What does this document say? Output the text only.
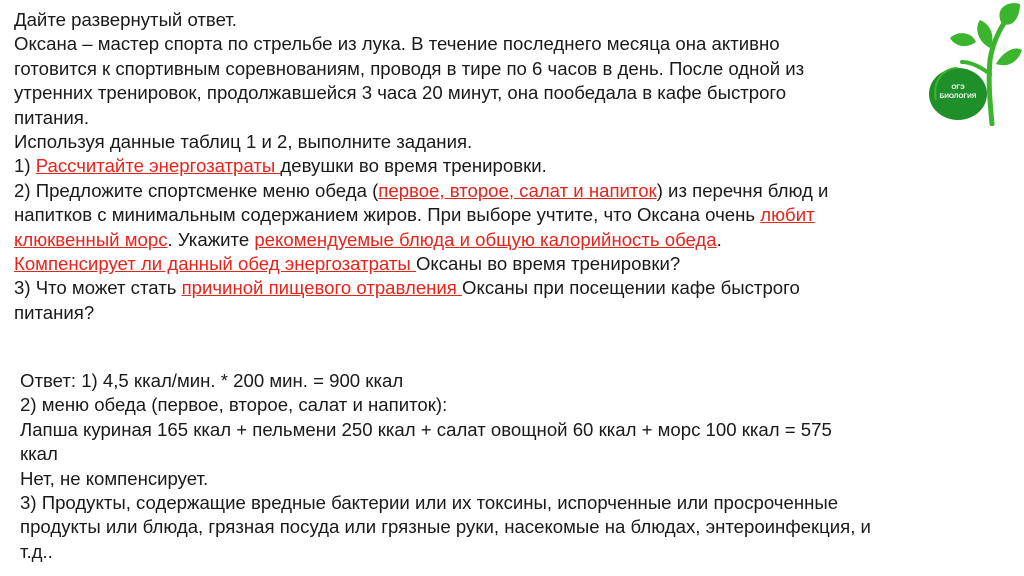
Дайте развернутый ответ.
Оксана – мастер спорта по стрельбе из лука. В течение последнего месяца она активно
готовится к спортивным соревнованиям, проводя в тире по 6 часов в день. После одной из
утренних тренировок, продолжавшейся 3 часа 20 минут, она пообедала в кафе быстрого
питания.
Используя данные таблиц 1 и 2, выполните задания.
1) Рассчитайте энергозатраты девушки во время тренировки.
2) Предложите спортсменке меню обеда (первое, второе, салат и напиток) из перечня блюд и
напитков с минимальным содержанием жиров. При выборе учтите, что Оксана очень любит
клюквенный морс. Укажите рекомендуемые блюда и общую калорийность обеда.
Компенсирует ли данный обед энергозатраты Оксаны во время тренировки?
3) Что может стать причиной пищевого отравления Оксаны при посещении кафе быстрого
питания?
Ответ: 1) 4,5 ккал/мин. * 200 мин. = 900 ккал
2) меню обеда (первое, второе, салат и напиток):
Лапша куриная 165 ккал + пельмени 250 ккал + салат овощной 60 ккал + морс 100 ккал = 575
ккал
Нет, не компенсирует.
3) Продукты, содержащие вредные бактерии или их токсины, испорченные или просроченные
продукты или блюда, грязная посуда или грязные руки, насекомые на блюдах, энтероинфекция, и
т.д..
ОГЭ
БИОЛОГИЯ
